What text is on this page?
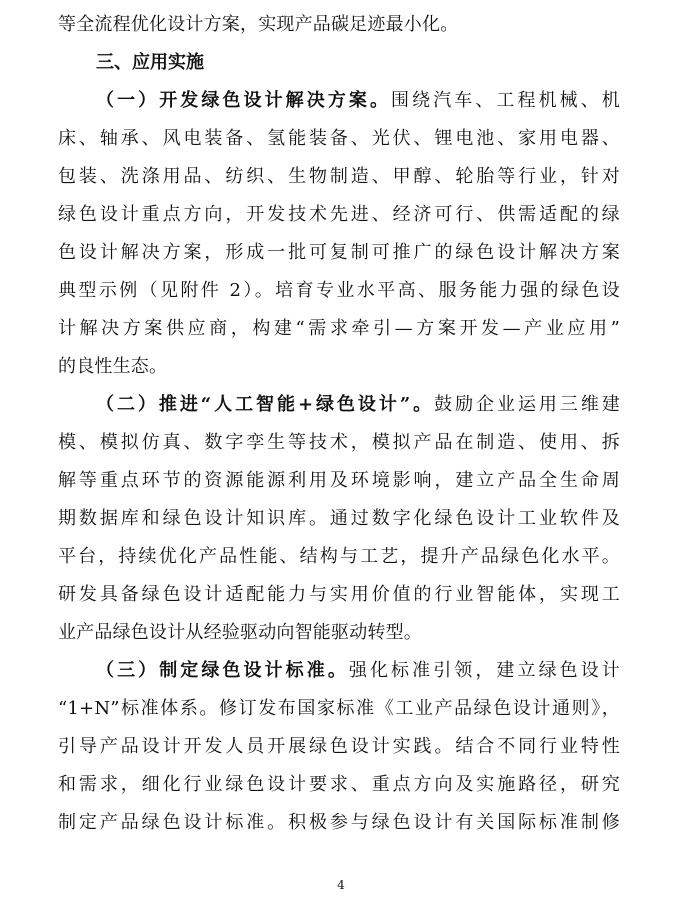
等全流程优化设计方案，实现产品碳足迹最小化。
三、应用实施
（一）开发绿色设计解决方案。围绕汽车、工程机械、机
床、轴承、风电装备、氢能装备、光伏、锂电池、家用电器、
包装、洗涤用品、纺织、生物制造、甲醇、轮胎等行业，针对
绿色设计重点方向，开发技术先进、经济可行、供需适配的绿
色设计解决方案，形成一批可复制可推广的绿色设计解决方案
典型示例（见附件 2）。培育专业水平高、服务能力强的绿色设
计解决方案供应商，构建“需求牵引—方案开发—产业应用”
的良性生态。
（二）推进“人工智能+绿色设计”。鼓励企业运用三维建
模、模拟仿真、数字孪生等技术，模拟产品在制造、使用、拆
解等重点环节的资源能源利用及环境影响，建立产品全生命周
期数据库和绿色设计知识库。通过数字化绿色设计工业软件及
平台，持续优化产品性能、结构与工艺，提升产品绿色化水平。
研发具备绿色设计适配能力与实用价值的行业智能体，实现工
业产品绿色设计从经验驱动向智能驱动转型。
（三）制定绿色设计标准。强化标准引领，建立绿色设计
“1+N”标准体系。修订发布国家标准《工业产品绿色设计通则》，
引导产品设计开发人员开展绿色设计实践。结合不同行业特性
和需求，细化行业绿色设计要求、重点方向及实施路径，研究
制定产品绿色设计标准。积极参与绿色设计有关国际标准制修
4
